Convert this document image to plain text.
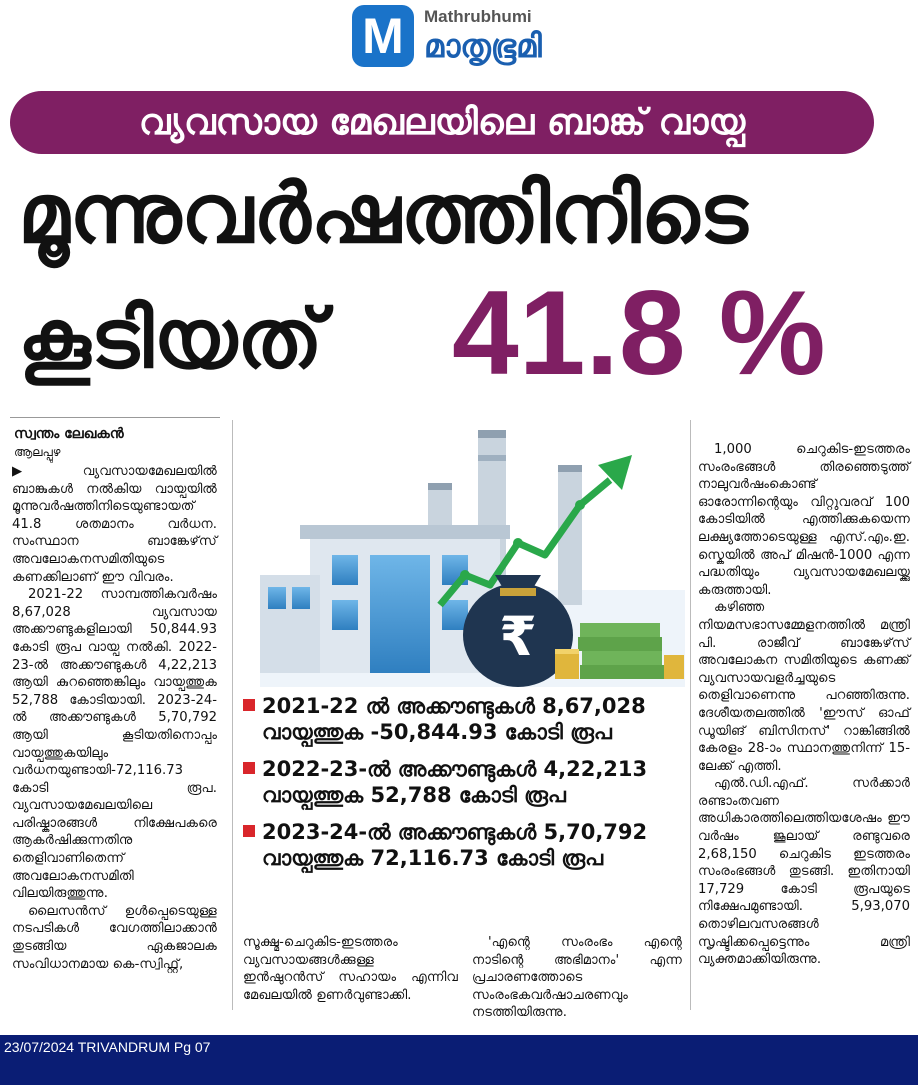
M	Mathrubhumi
മാതൃഭൂമി
വ്യവസായ മേഖലയിലെ ബാങ്ക് വായ്പ
മൂന്നുവർഷത്തിനിടെ
കൂടിയത് 41.8 %
സ്വന്തം ലേഖകൻ
ആലപ്പുഴ

▶ വ്യവസായമേഖലയിൽ ബാങ്കുകൾ നൽകിയ വായ്പയിൽ മൂന്നുവർഷത്തിനിടെയുണ്ടായത് 41.8 ശതമാനം വർധന. സംസ്ഥാന ബാങ്കേഴ്‌സ് അവലോകനസമിതിയുടെ കണക്കിലാണ് ഈ വിവരം.

2021-22 സാമ്പത്തികവർഷം 8,67,028 വ്യവസായ അക്കൗണ്ടുകളിലായി 50,844.93 കോടി രൂപ വായ്പ നൽകി. 2022-23-ൽ അക്കൗണ്ടുകൾ 4,22,213 ആയി കുറഞ്ഞെങ്കിലും വായ്പത്തുക 52,788 കോടിയായി. 2023-24-ൽ അക്കൗണ്ടുകൾ 5,70,792 ആയി കൂടിയതിനൊപ്പം വായ്പത്തുകയിലും വർധനയുണ്ടായി-72,116.73 കോടി രൂപ. വ്യവസായമേഖലയിലെ പരിഷ്കാരങ്ങൾ നിക്ഷേപകരെ ആകർഷിക്കുന്നതിനു തെളിവാണിതെന്ന് അവലോകനസമിതി വിലയിരുത്തുന്നു.

ലൈസൻസ് ഉൾപ്പെടെയുള്ള നടപടികൾ വേഗത്തിലാക്കാൻ തുടങ്ങിയ ഏകജാലക സംവിധാനമായ കെ-സ്വിഫ്റ്റ്,

₹
2021-22 ൽ അക്കൗണ്ടുകൾ 8,67,028
വായ്പത്തുക -50,844.93 കോടി രൂപ
2022-23-ൽ അക്കൗണ്ടുകൾ 4,22,213
വായ്പത്തുക 52,788 കോടി രൂപ
2023-24-ൽ അക്കൗണ്ടുകൾ 5,70,792
വായ്പത്തുക 72,116.73 കോടി രൂപ

സൂക്ഷ്മ-ചെറുകിട-ഇടത്തരം വ്യവസായങ്ങൾക്കുള്ള ഇൻഷുറൻസ് സഹായം എന്നിവ മേഖലയിൽ ഉണർവുണ്ടാക്കി.

'എന്റെ സംരംഭം എന്റെ നാടിന്റെ അഭിമാനം' എന്ന പ്രചാരണത്തോടെ സംരംഭകവർഷാചരണവും നടത്തിയിരുന്നു.

1,000 ചെറുകിട-ഇടത്തരം സംരംഭങ്ങൾ തിരഞ്ഞെടുത്ത് നാലുവർഷംകൊണ്ട് ഓരോന്നിന്റെയും വിറ്റുവരവ് 100 കോടിയിൽ എത്തിക്കുകയെന്ന ലക്ഷ്യത്തോടെയുള്ള എസ്.എം.ഇ. സ്കെയിൽ അപ് മിഷൻ-1000 എന്ന പദ്ധതിയും വ്യവസായമേഖലയ്ക്കു കരുത്തായി.

കഴിഞ്ഞ നിയമസഭാസമ്മേളനത്തിൽ മന്ത്രി പി. രാജീവ് ബാങ്കേഴ്‌സ് അവലോകന സമിതിയുടെ കണക്ക് വ്യവസായവളർച്ചയുടെ തെളിവാണെന്നു പറഞ്ഞിരുന്നു. ദേശീയതലത്തിൽ 'ഈസ് ഓഫ് ഡൂയിങ് ബിസിനസ്' റാങ്കിങ്ങിൽ കേരളം 28-ാം സ്ഥാനത്തുനിന്ന് 15-ലേക്ക് എത്തി.

എൽ.ഡി.എഫ്. സർക്കാർ രണ്ടാംതവണ അധികാരത്തിലെത്തിയശേഷം ഈ വർഷം ജൂലായ് രണ്ടുവരെ 2,68,150 ചെറുകിട ഇടത്തരം സംരംഭങ്ങൾ തുടങ്ങി. ഇതിനായി 17,729 കോടി രൂപയുടെ നിക്ഷേപമുണ്ടായി. 5,93,070 തൊഴിലവസരങ്ങൾ സൃഷ്ടിക്കപ്പെട്ടെന്നും മന്ത്രി വ്യക്തമാക്കിയിരുന്നു.

23/07/2024 TRIVANDRUM Pg 07
